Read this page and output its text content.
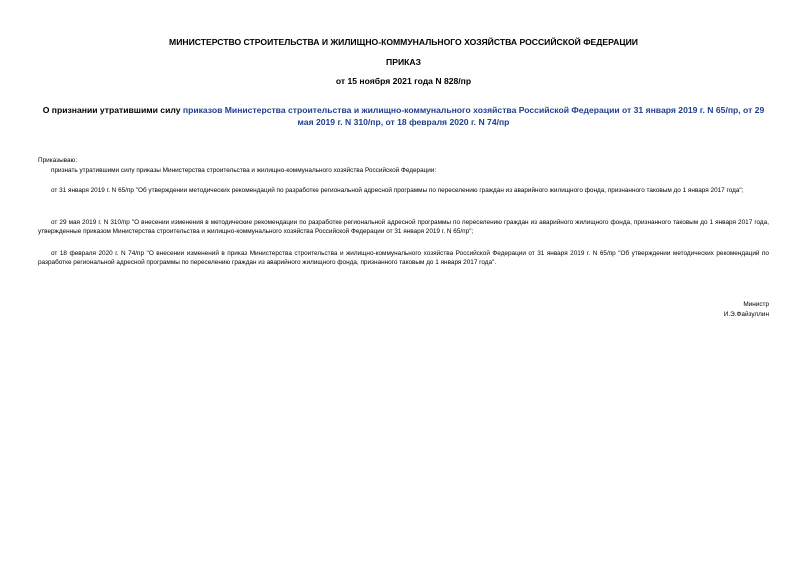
МИНИСТЕРСТВО СТРОИТЕЛЬСТВА И ЖИЛИЩНО-КОММУНАЛЬНОГО ХОЗЯЙСТВА РОССИЙСКОЙ ФЕДЕРАЦИИ
ПРИКАЗ
от 15 ноября 2021 года N 828/пр
О признании утратившими силу приказов Министерства строительства и жилищно-коммунального хозяйства Российской Федерации от 31 января 2019 г. N 65/пр, от 29 мая 2019 г. N 310/пр, от 18 февраля 2020 г. N 74/пр
Приказываю:
признать утратившими силу приказы Министерства строительства и жилищно-коммунального хозяйства Российской Федерации:
от 31 января 2019 г. N 65/пр "Об утверждении методических рекомендаций по разработке региональной адресной программы по переселению граждан из аварийного жилищного фонда, признанного таковым до 1 января 2017 года";
от 29 мая 2019 г. N 310/пр "О внесении изменения в методические рекомендации по разработке региональной адресной программы по переселению граждан из аварийного жилищного фонда, признанного таковым до 1 января 2017 года, утвержденные приказом Министерства строительства и жилищно-коммунального хозяйства Российской Федерации от 31 января 2019 г. N 65/пр";
от 18 февраля 2020 г. N 74/пр "О внесении изменений в приказ Министерства строительства и жилищно-коммунального хозяйства Российской Федерации от 31 января 2019 г. N 65/пр "Об утверждении методических рекомендаций по разработке региональной адресной программы по переселению граждан из аварийного жилищного фонда, признанного таковым до 1 января 2017 года".
Министр
И.Э.Файзуллин
